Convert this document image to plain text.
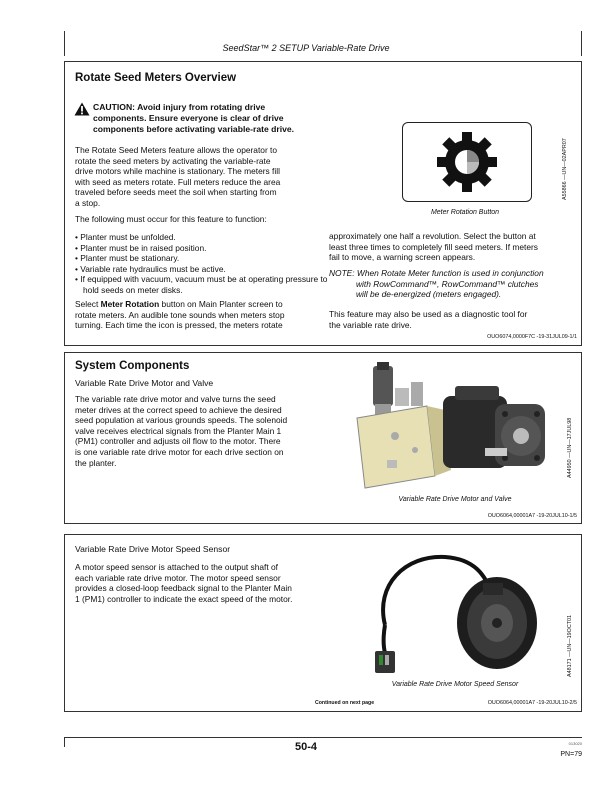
SeedStar™ 2 SETUP Variable-Rate Drive
Rotate Seed Meters Overview
CAUTION: Avoid injury from rotating drive
components. Ensure everyone is clear of drive
components before activating variable-rate drive.
The Rotate Seed Meters feature allows the operator to
rotate the seed meters by activating the variable-rate
drive motors while machine is stationary. The meters fill
with seed as meters rotate. Full meters reduce the area
traveled before seeds meet the soil when starting from
a stop.
The following must occur for this feature to function:
• Planter must be unfolded.
• Planter must be in raised position.
• Planter must be stationary.
• Variable rate hydraulics must be active.
• If equipped with vacuum, vacuum must be at operating pressure to hold seeds on meter disks.
Select Meter Rotation button on Main Planter screen to
rotate meters. An audible tone sounds when meters stop
turning. Each time the icon is pressed, the meters rotate
A55866 —UN—02APR07
Meter Rotation Button
approximately one half a revolution. Select the button at
least three times to completely fill seed meters. If meters
fail to move, a warning screen appears.
NOTE: When Rotate Meter function is used in conjunction
with RowCommand™, RowCommand™ clutches
will be de-energized (meters engaged).
This feature may also be used as a diagnostic tool for
the variable rate drive.
OUO6074,0000F7C -19-31JUL09-1/1
System Components
Variable Rate Drive Motor and Valve
The variable rate drive motor and valve turns the seed
meter drives at the correct speed to achieve the desired
seed population at various grounds speeds. The solenoid
valve receives electrical signals from the Planter Main 1
(PM1) controller and adjusts oil flow to the motor. There
is one variable rate drive motor for each drive section on
the planter.	A44950 —UN—17JUL98
Variable Rate Drive Motor and Valve
OUO6064,00001A7 -19-20JUL10-1/5
Variable Rate Drive Motor Speed Sensor
A motor speed sensor is attached to the output shaft of
each variable rate drive motor. The motor speed sensor
provides a closed-loop feedback signal to the Planter Main
1 (PM1) controller to indicate the exact speed of the motor.
A48171 —UN—19OCT01
Variable Rate Drive Motor Speed Sensor
Continued on next page	OUO6064,00001A7 -19-20JUL10-2/5
50-4	013020
PN=79
